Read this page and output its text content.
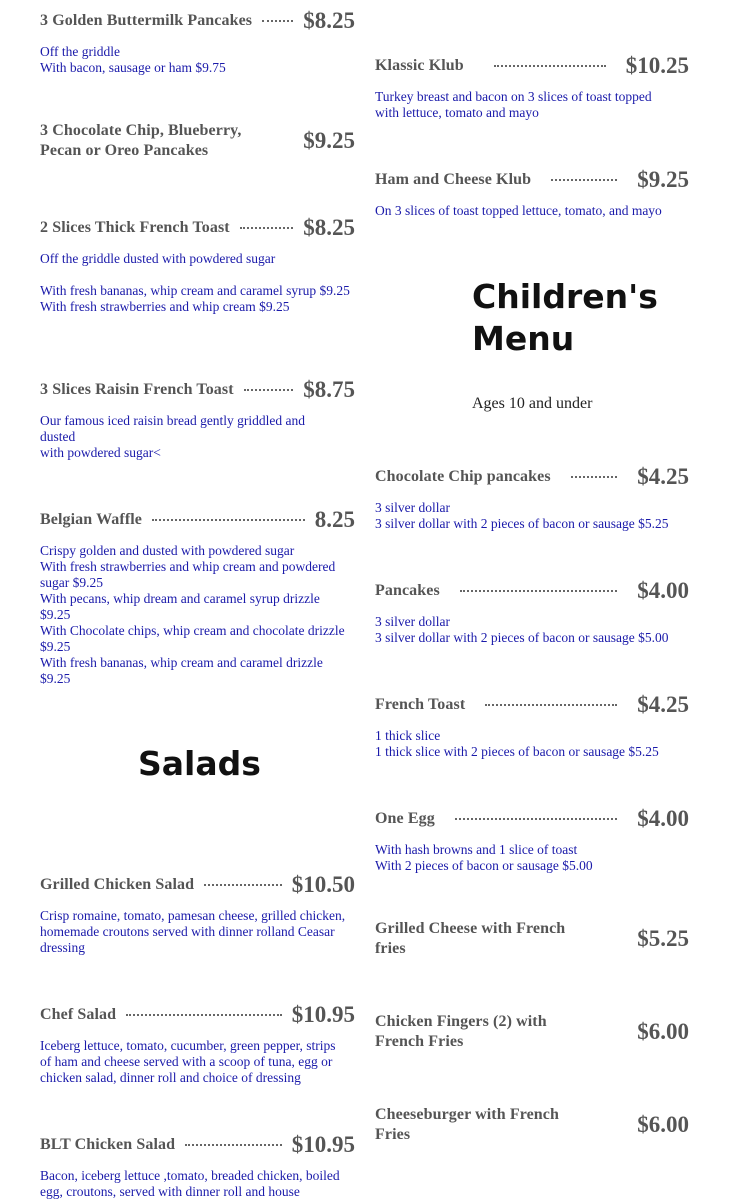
3 Golden Buttermilk Pancakes $8.25
Off the griddle
With bacon, sausage or ham $9.75
3 Chocolate Chip, Blueberry, Pecan or Oreo Pancakes	$9.25
2 Slices Thick French Toast	$8.25
Off the griddle dusted with powdered sugar
With fresh bananas, whip cream and caramel syrup $9.25
With fresh strawberries and whip cream $9.25
3 Slices Raisin French Toast	$8.75
Our famous iced raisin bread gently griddled and dusted
with powdered sugar<
Belgian Waffle	8.25
Crispy golden and dusted with powdered sugar
With fresh strawberries and whip cream and powdered sugar $9.25
With pecans, whip dream and caramel syrup drizzle $9.25
With Chocolate chips, whip cream and chocolate drizzle $9.25
With fresh bananas, whip cream and caramel drizzle $9.25
Salads
Grilled Chicken Salad	$10.50
Crisp romaine, tomato, pamesan cheese, grilled chicken, homemade croutons served with dinner rolland Ceasar dressing
Chef Salad	$10.95
Iceberg lettuce, tomato, cucumber, green pepper, strips of ham and cheese served with a scoop of tuna, egg or chicken salad, dinner roll and choice of dressing
BLT Chicken Salad	$10.95
Bacon, iceberg lettuce ,tomato, breaded chicken, boiled egg, croutons, served with dinner roll and house
Klassic Klub	$10.25
Turkey breast and bacon on 3 slices of toast topped with lettuce, tomato and mayo
Ham and Cheese Klub	$9.25
On 3 slices of toast topped lettuce, tomato, and mayo
Children's Menu
Ages 10 and under
Chocolate Chip pancakes	$4.25
3 silver dollar
3 silver dollar with 2 pieces of bacon or sausage $5.25
Pancakes	$4.00
3 silver dollar
3 silver dollar with 2 pieces of bacon or sausage $5.00
French Toast	$4.25
1 thick slice
1 thick slice with 2 pieces of bacon or sausage $5.25
One Egg	$4.00
With hash browns and 1 slice of toast
With 2 pieces of bacon or sausage $5.00
Grilled Cheese with French fries	$5.25
Chicken Fingers (2) with French Fries	$6.00
Cheeseburger with French Fries	$6.00
